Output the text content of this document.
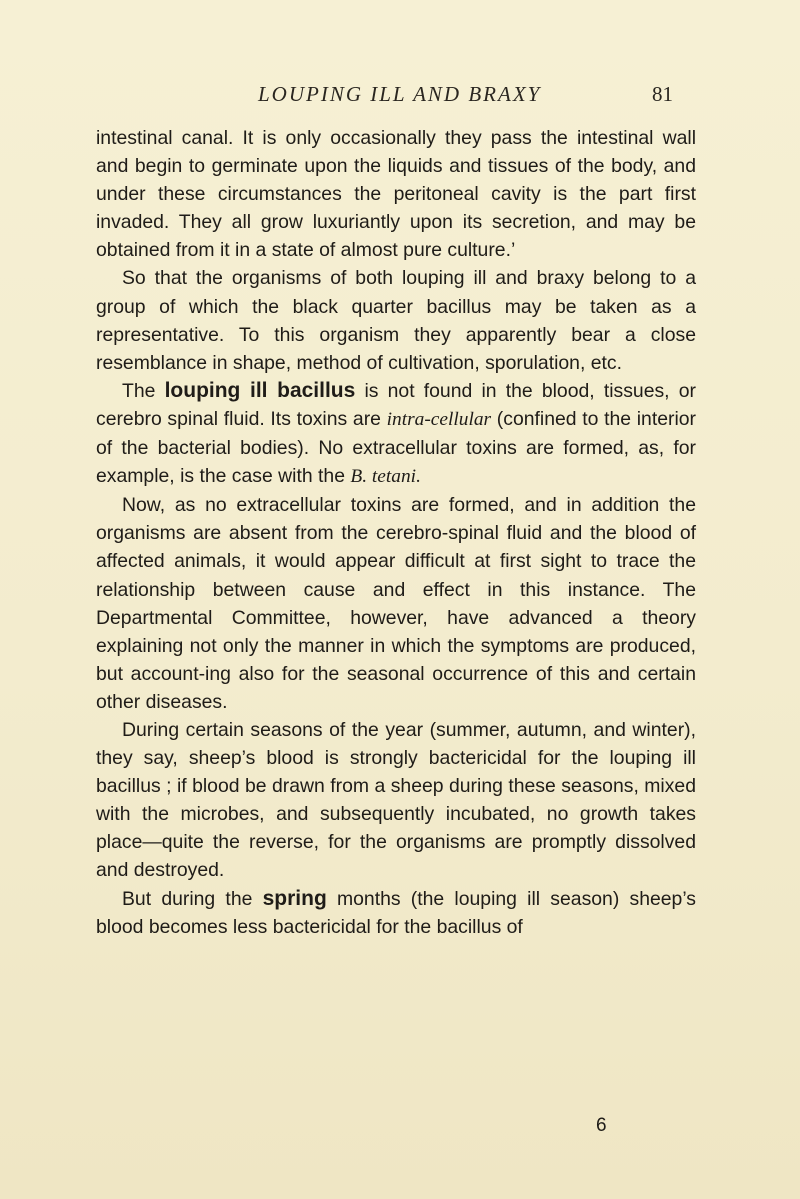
LOUPING ILL AND BRAXY	81

intestinal canal. It is only occasionally they pass the intestinal wall and begin to germinate upon the liquids and tissues of the body, and under these circumstances the peritoneal cavity is the part first invaded. They all grow luxuriantly upon its secretion, and may be obtained from it in a state of almost pure culture.’

So that the organisms of both louping ill and braxy belong to a group of which the black quarter bacillus may be taken as a representative. To this organism they apparently bear a close resemblance in shape, method of cultivation, sporulation, etc.

The louping ill bacillus is not found in the blood, tissues, or cerebro spinal fluid. Its toxins are intra-cellular (confined to the interior of the bacterial bodies). No extracellular toxins are formed, as, for example, is the case with the B. tetani.

Now, as no extracellular toxins are formed, and in addition the organisms are absent from the cerebro-spinal fluid and the blood of affected animals, it would appear difficult at first sight to trace the relationship between cause and effect in this instance. The Departmental Committee, however, have advanced a theory explaining not only the manner in which the symptoms are produced, but account-ing also for the seasonal occurrence of this and certain other diseases.

During certain seasons of the year (summer, autumn, and winter), they say, sheep’s blood is strongly bactericidal for the louping ill bacillus ; if blood be drawn from a sheep during these seasons, mixed with the microbes, and subsequently incubated, no growth takes place—quite the reverse, for the organisms are promptly dissolved and destroyed.

But during the spring months (the louping ill season) sheep’s blood becomes less bactericidal for the bacillus of

6
